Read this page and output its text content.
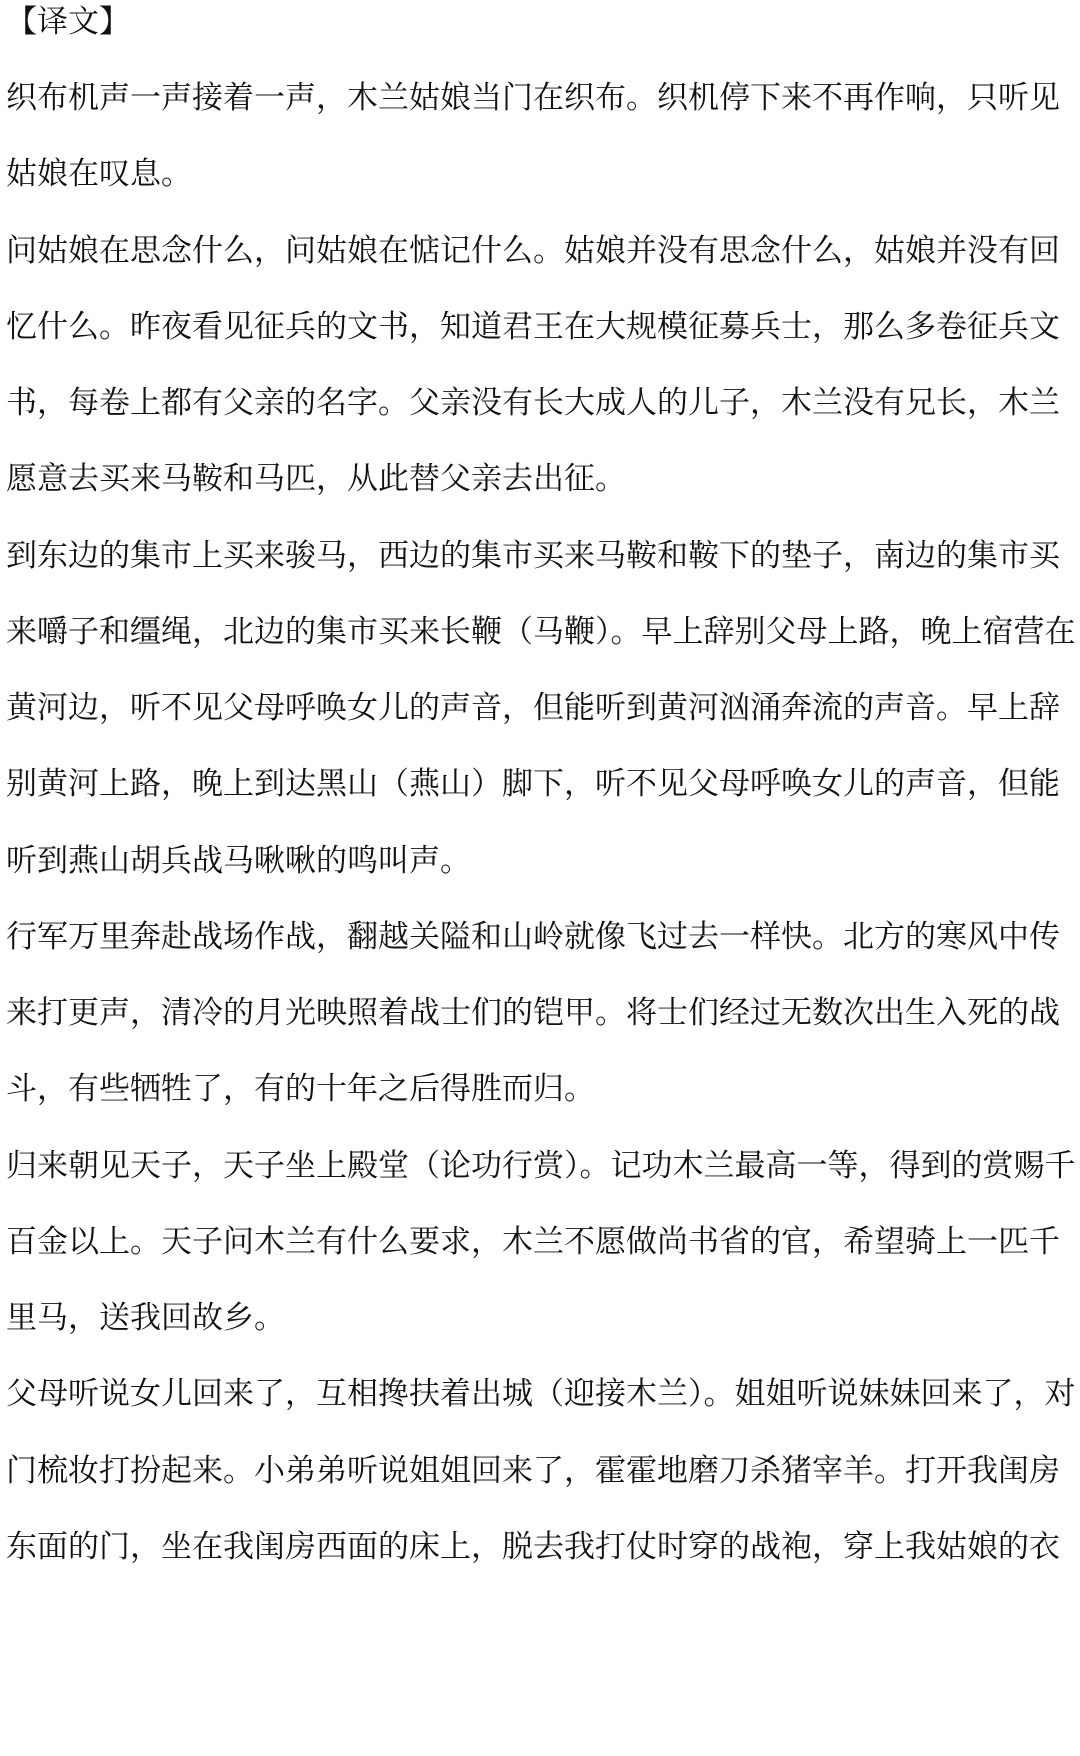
【译文】
织布机声一声接着一声，木兰姑娘当门在织布。织机停下来不再作响，只听见
姑娘在叹息。
问姑娘在思念什么，问姑娘在惦记什么。姑娘并没有思念什么，姑娘并没有回
忆什么。昨夜看见征兵的文书，知道君王在大规模征募兵士，那么多卷征兵文
书，每卷上都有父亲的名字。父亲没有长大成人的儿子，木兰没有兄长，木兰
愿意去买来马鞍和马匹，从此替父亲去出征。
到东边的集市上买来骏马，西边的集市买来马鞍和鞍下的垫子，南边的集市买
来嚼子和缰绳，北边的集市买来长鞭（马鞭）。早上辞别父母上路，晚上宿营在
黄河边，听不见父母呼唤女儿的声音，但能听到黄河汹涌奔流的声音。早上辞
别黄河上路，晚上到达黑山（燕山）脚下，听不见父母呼唤女儿的声音，但能
听到燕山胡兵战马啾啾的鸣叫声。
行军万里奔赴战场作战，翻越关隘和山岭就像飞过去一样快。北方的寒风中传
来打更声，清冷的月光映照着战士们的铠甲。将士们经过无数次出生入死的战
斗，有些牺牲了，有的十年之后得胜而归。
归来朝见天子，天子坐上殿堂（论功行赏）。记功木兰最高一等，得到的赏赐千
百金以上。天子问木兰有什么要求，木兰不愿做尚书省的官，希望骑上一匹千
里马，送我回故乡。
父母听说女儿回来了，互相搀扶着出城（迎接木兰）。姐姐听说妹妹回来了，对
门梳妆打扮起来。小弟弟听说姐姐回来了，霍霍地磨刀杀猪宰羊。打开我闺房
东面的门，坐在我闺房西面的床上，脱去我打仗时穿的战袍，穿上我姑娘的衣
